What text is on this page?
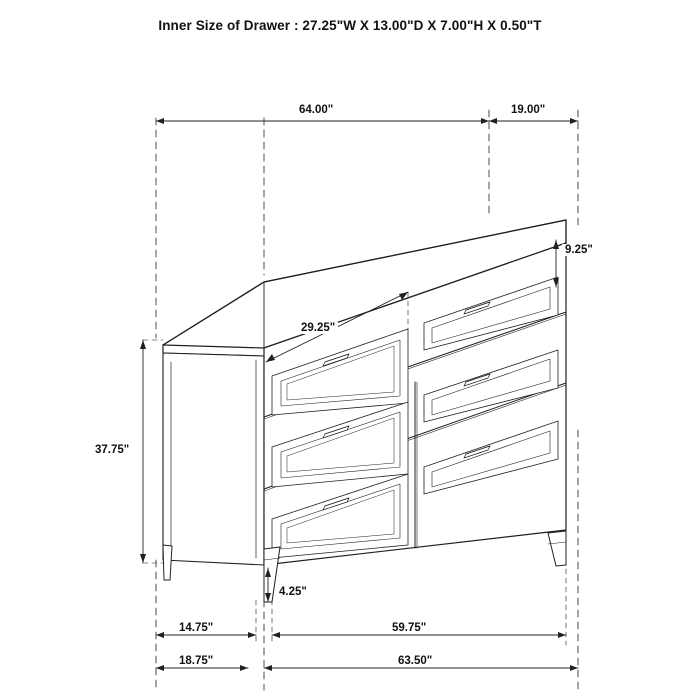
Inner Size of Drawer : 27.25"W X 13.00"D X 7.00"H X 0.50"T
64.00"	19.00"
29.25"
9.25"
37.75"
4.25"
14.75"	59.75"
18.75"	63.50"
